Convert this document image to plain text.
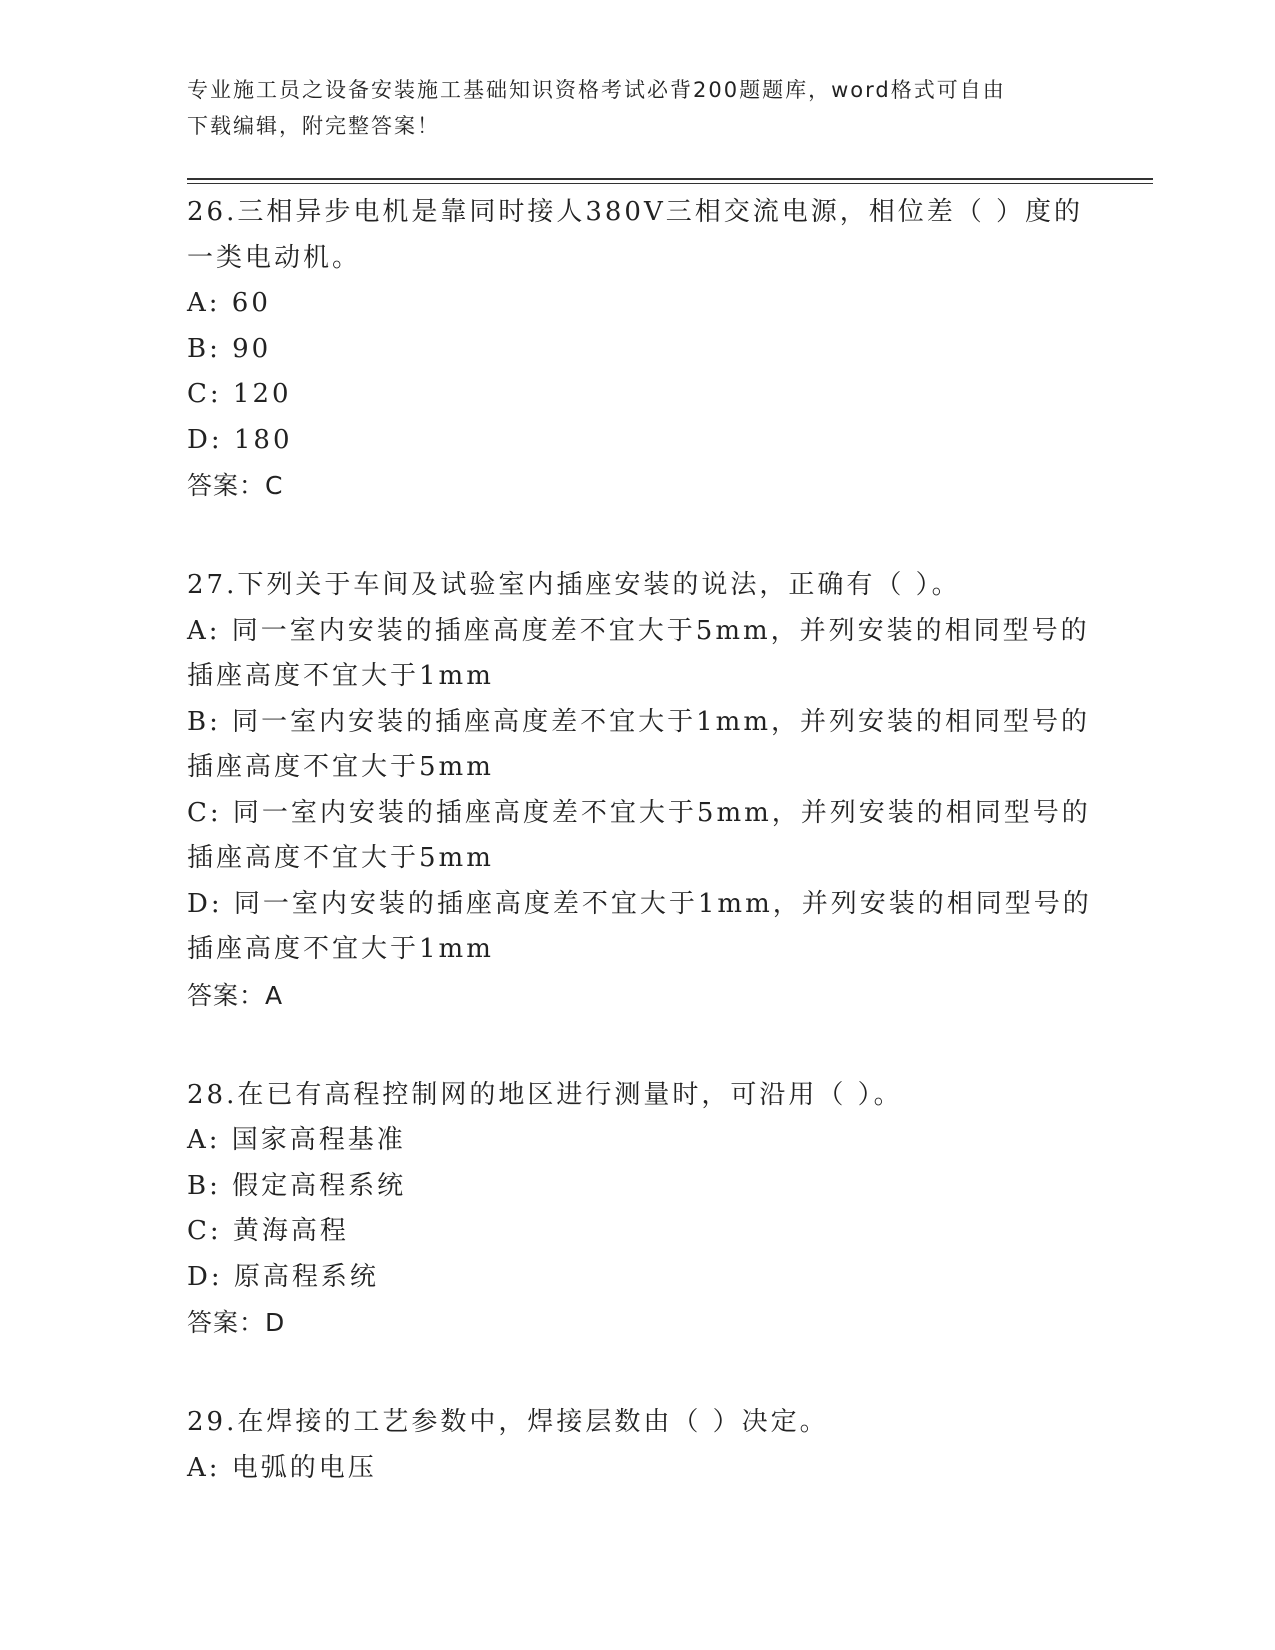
专业施工员之设备安装施工基础知识资格考试必背200题题库，word格式可自由
下载编辑，附完整答案！
26.三相异步电机是靠同时接人380V三相交流电源，相位差（ ）度的
一类电动机。
A: 60
B: 90
C: 120
D: 180
答案：C
27.下列关于车间及试验室内插座安装的说法，正确有（ ）。
A: 同一室内安装的插座高度差不宜大于5mm，并列安装的相同型号的
插座高度不宜大于1mm
B: 同一室内安装的插座高度差不宜大于1mm，并列安装的相同型号的
插座高度不宜大于5mm
C: 同一室内安装的插座高度差不宜大于5mm，并列安装的相同型号的
插座高度不宜大于5mm
D: 同一室内安装的插座高度差不宜大于1mm，并列安装的相同型号的
插座高度不宜大于1mm
答案：A
28.在已有高程控制网的地区进行测量时，可沿用（ ）。
A: 国家高程基准
B: 假定高程系统
C: 黄海高程
D: 原高程系统
答案：D
29.在焊接的工艺参数中，焊接层数由（ ）决定。
A: 电弧的电压
